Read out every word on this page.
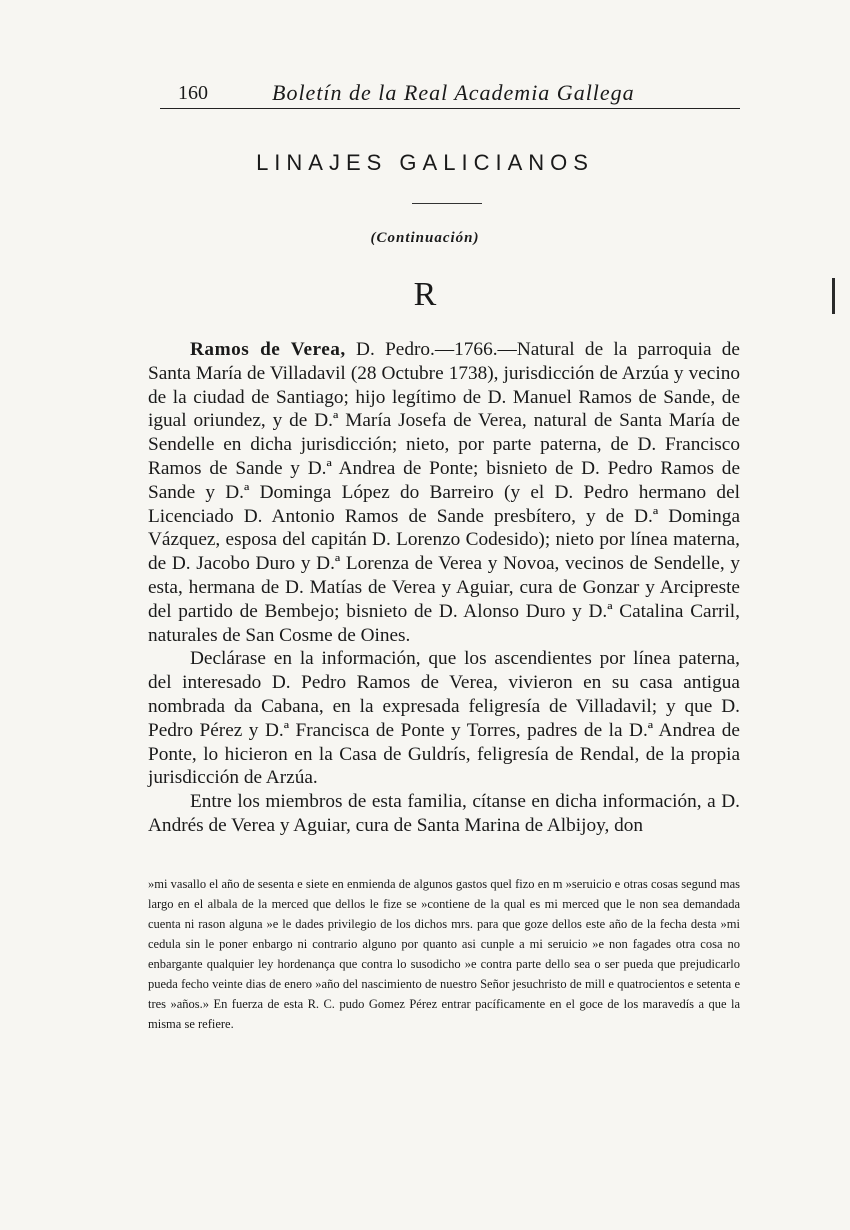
160	Boletín de la Real Academia Gallega
LINAJES GALICIANOS
(Continuación)
R

Ramos de Verea, D. Pedro.—1766.—Natural de la parroquia de Santa María de Villadavil (28 Octubre 1738), jurisdicción de Arzúa y vecino de la ciudad de Santiago; hijo legítimo de D. Manuel Ramos de Sande, de igual oriundez, y de D.ª María Josefa de Verea, natural de Santa María de Sendelle en dicha jurisdicción; nieto, por parte paterna, de D. Francisco Ramos de Sande y D.ª Andrea de Ponte; bisnieto de D. Pedro Ramos de Sande y D.ª Dominga López do Barreiro (y el D. Pedro hermano del Licenciado D. Antonio Ramos de Sande presbítero, y de D.ª Dominga Vázquez, esposa del capitán D. Lorenzo Codesido); nieto por línea materna, de D. Jacobo Duro y D.ª Lorenza de Verea y Novoa, vecinos de Sendelle, y esta, hermana de D. Matías de Verea y Aguiar, cura de Gonzar y Arcipreste del partido de Bembejo; bisnieto de D. Alonso Duro y D.ª Catalina Carril, naturales de San Cosme de Oines.

Declárase en la información, que los ascendientes por línea paterna, del interesado D. Pedro Ramos de Verea, vivieron en su casa antigua nombrada da Cabana, en la expresada feligresía de Villadavil; y que D. Pedro Pérez y D.ª Francisca de Ponte y Torres, padres de la D.ª Andrea de Ponte, lo hicieron en la Casa de Guldrís, feligresía de Rendal, de la propia jurisdicción de Arzúa.

Entre los miembros de esta familia, cítanse en dicha información, a D. Andrés de Verea y Aguiar, cura de Santa Marina de Albijoy, don

»mi vasallo el año de sesenta e siete en enmienda de algunos gastos quel fizo en m »seruicio e otras cosas segund mas largo en el albala de la merced que dellos le fize se »contiene de la qual es mi merced que le non sea demandada cuenta ni rason alguna »e le dades privilegio de los dichos mrs. para que goze dellos este año de la fecha desta »mi cedula sin le poner enbargo ni contrario alguno por quanto asi cunple a mi seruicio »e non fagades otra cosa no enbargante qualquier ley hordenança que contra lo susodicho »e contra parte dello sea o ser pueda que prejudicarlo pueda fecho veinte dias de enero »año del nascimiento de nuestro Señor jesuchristo de mill e quatrocientos e setenta e tres »años.» En fuerza de esta R. C. pudo Gomez Pérez entrar pacíficamente en el goce de los maravedís a que la misma se refiere.
